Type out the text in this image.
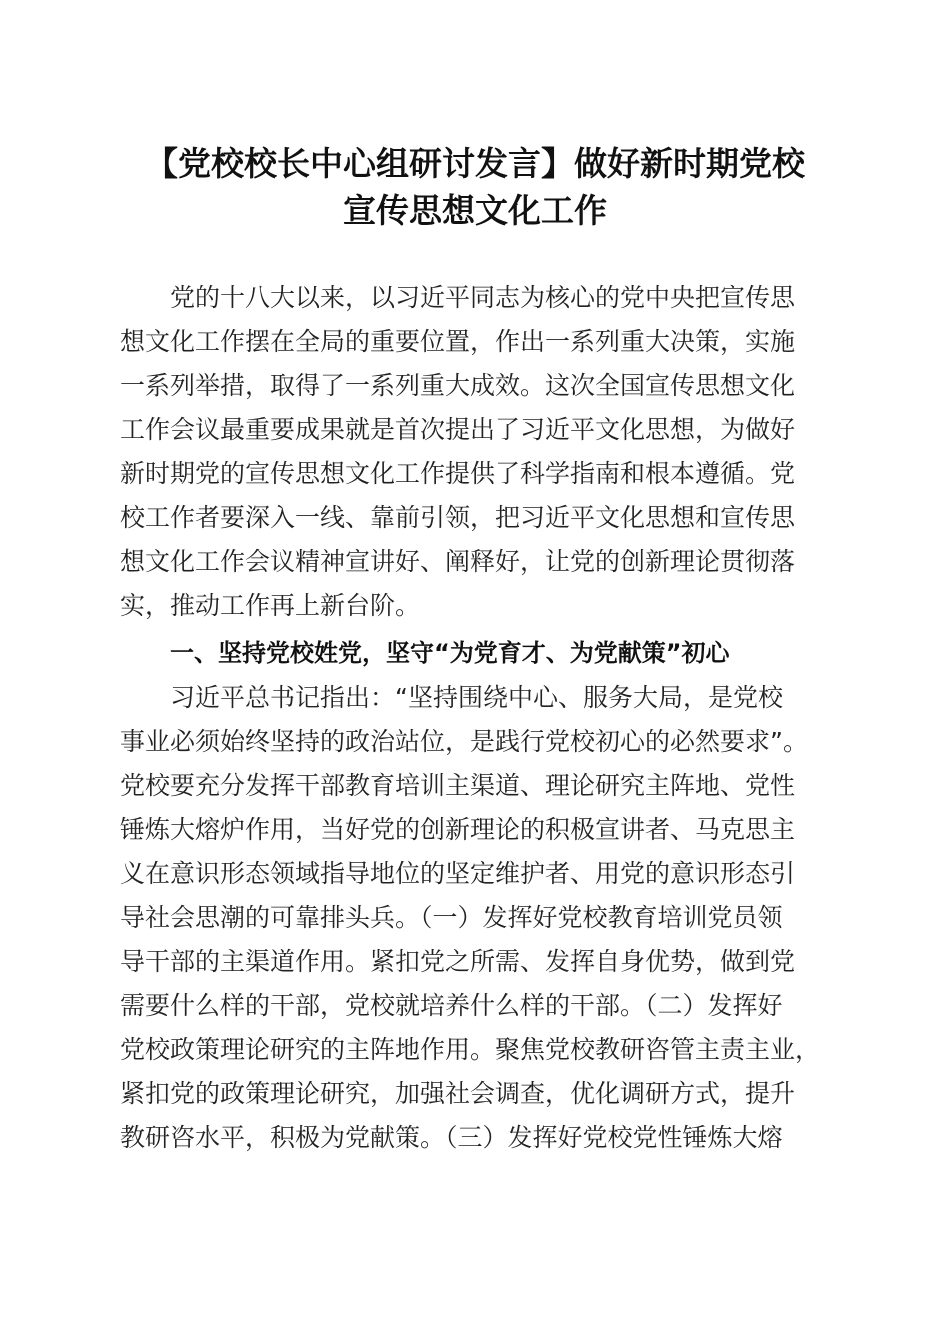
【党校校长中心组研讨发言】做好新时期党校
宣传思想文化工作

党的十八大以来，以习近平同志为核心的党中央把宣传思

想文化工作摆在全局的重要位置，作出一系列重大决策，实施

一系列举措，取得了一系列重大成效。这次全国宣传思想文化

工作会议最重要成果就是首次提出了习近平文化思想，为做好

新时期党的宣传思想文化工作提供了科学指南和根本遵循。党

校工作者要深入一线、靠前引领，把习近平文化思想和宣传思

想文化工作会议精神宣讲好、阐释好，让党的创新理论贯彻落

实，推动工作再上新台阶。

一、坚持党校姓党，坚守“为党育才、为党献策”初心

习近平总书记指出：“坚持围绕中心、服务大局，是党校

事业必须始终坚持的政治站位，是践行党校初心的必然要求”。

党校要充分发挥干部教育培训主渠道、理论研究主阵地、党性

锤炼大熔炉作用，当好党的创新理论的积极宣讲者、马克思主

义在意识形态领域指导地位的坚定维护者、用党的意识形态引

导社会思潮的可靠排头兵。（一）发挥好党校教育培训党员领

导干部的主渠道作用。紧扣党之所需、发挥自身优势，做到党

需要什么样的干部，党校就培养什么样的干部。（二）发挥好

党校政策理论研究的主阵地作用。聚焦党校教研咨管主责主业，

紧扣党的政策理论研究，加强社会调查，优化调研方式，提升

教研咨水平，积极为党献策。（三）发挥好党校党性锤炼大熔
